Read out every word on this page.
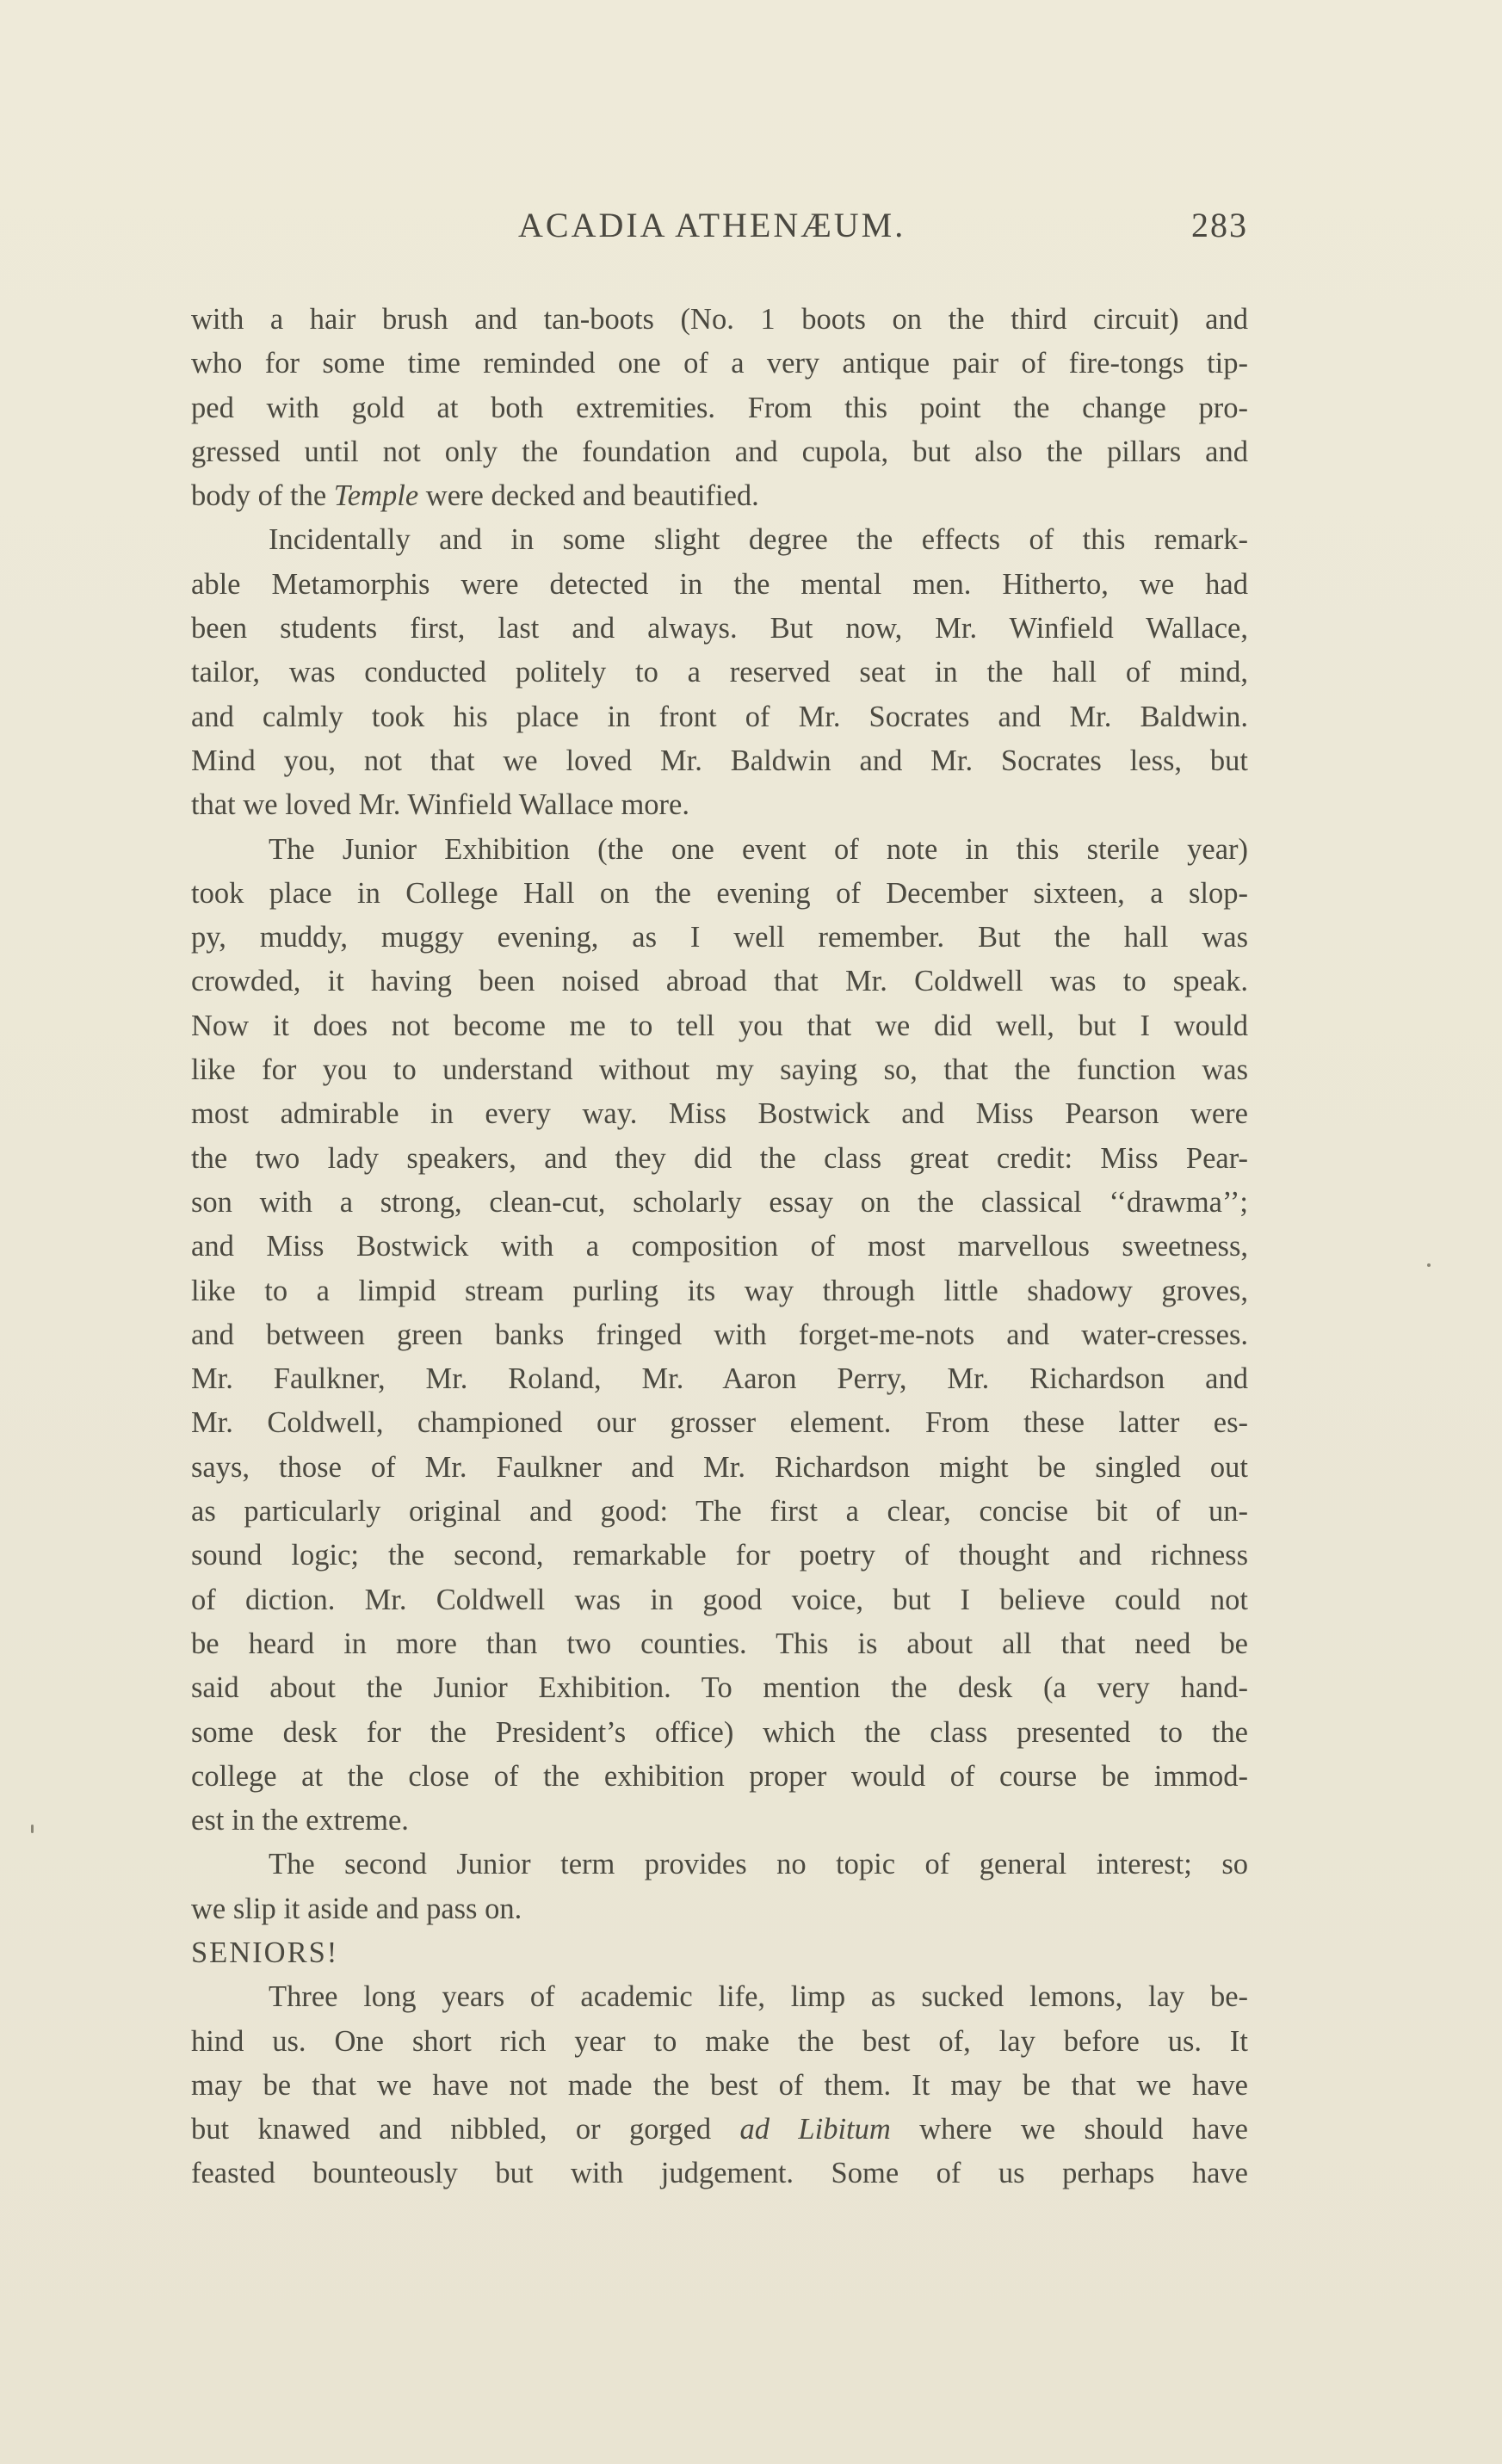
ACADIA ATHENÆUM.	283
with a hair brush and tan-boots (No. 1 boots on the third circuit) and
who for some time reminded one of a very antique pair of fire-tongs tip-
ped with gold at both extremities. From this point the change pro-
gressed until not only the foundation and cupola, but also the pillars and
body of the Temple were decked and beautified.
Incidentally and in some slight degree the effects of this remark-
able Metamorphis were detected in the mental men. Hitherto, we had
been students first, last and always. But now, Mr. Winfield Wallace,
tailor, was conducted politely to a reserved seat in the hall of mind,
and calmly took his place in front of Mr. Socrates and Mr. Baldwin.
Mind you, not that we loved Mr. Baldwin and Mr. Socrates less, but
that we loved Mr. Winfield Wallace more.
The Junior Exhibition (the one event of note in this sterile year)
took place in College Hall on the evening of December sixteen, a slop-
py, muddy, muggy evening, as I well remember. But the hall was
crowded, it having been noised abroad that Mr. Coldwell was to speak.
Now it does not become me to tell you that we did well, but I would
like for you to understand without my saying so, that the function was
most admirable in every way. Miss Bostwick and Miss Pearson were
the two lady speakers, and they did the class great credit: Miss Pear-
son with a strong, clean-cut, scholarly essay on the classical ‘‘drawma’’;
and Miss Bostwick with a composition of most marvellous sweetness,
like to a limpid stream purling its way through little shadowy groves,
and between green banks fringed with forget-me-nots and water-cresses.
Mr. Faulkner, Mr. Roland, Mr. Aaron Perry, Mr. Richardson and
Mr. Coldwell, championed our grosser element. From these latter es-
says, those of Mr. Faulkner and Mr. Richardson might be singled out
as particularly original and good: The first a clear, concise bit of un-
sound logic; the second, remarkable for poetry of thought and richness
of diction. Mr. Coldwell was in good voice, but I believe could not
be heard in more than two counties. This is about all that need be
said about the Junior Exhibition. To mention the desk (a very hand-
some desk for the President’s office) which the class presented to the
college at the close of the exhibition proper would of course be immod-
est in the extreme.
The second Junior term provides no topic of general interest; so
we slip it aside and pass on.
SENIORS!
Three long years of academic life, limp as sucked lemons, lay be-
hind us. One short rich year to make the best of, lay before us. It
may be that we have not made the best of them. It may be that we have
but knawed and nibbled, or gorged ad Libitum where we should have
feasted bounteously but with judgement. Some of us perhaps have
